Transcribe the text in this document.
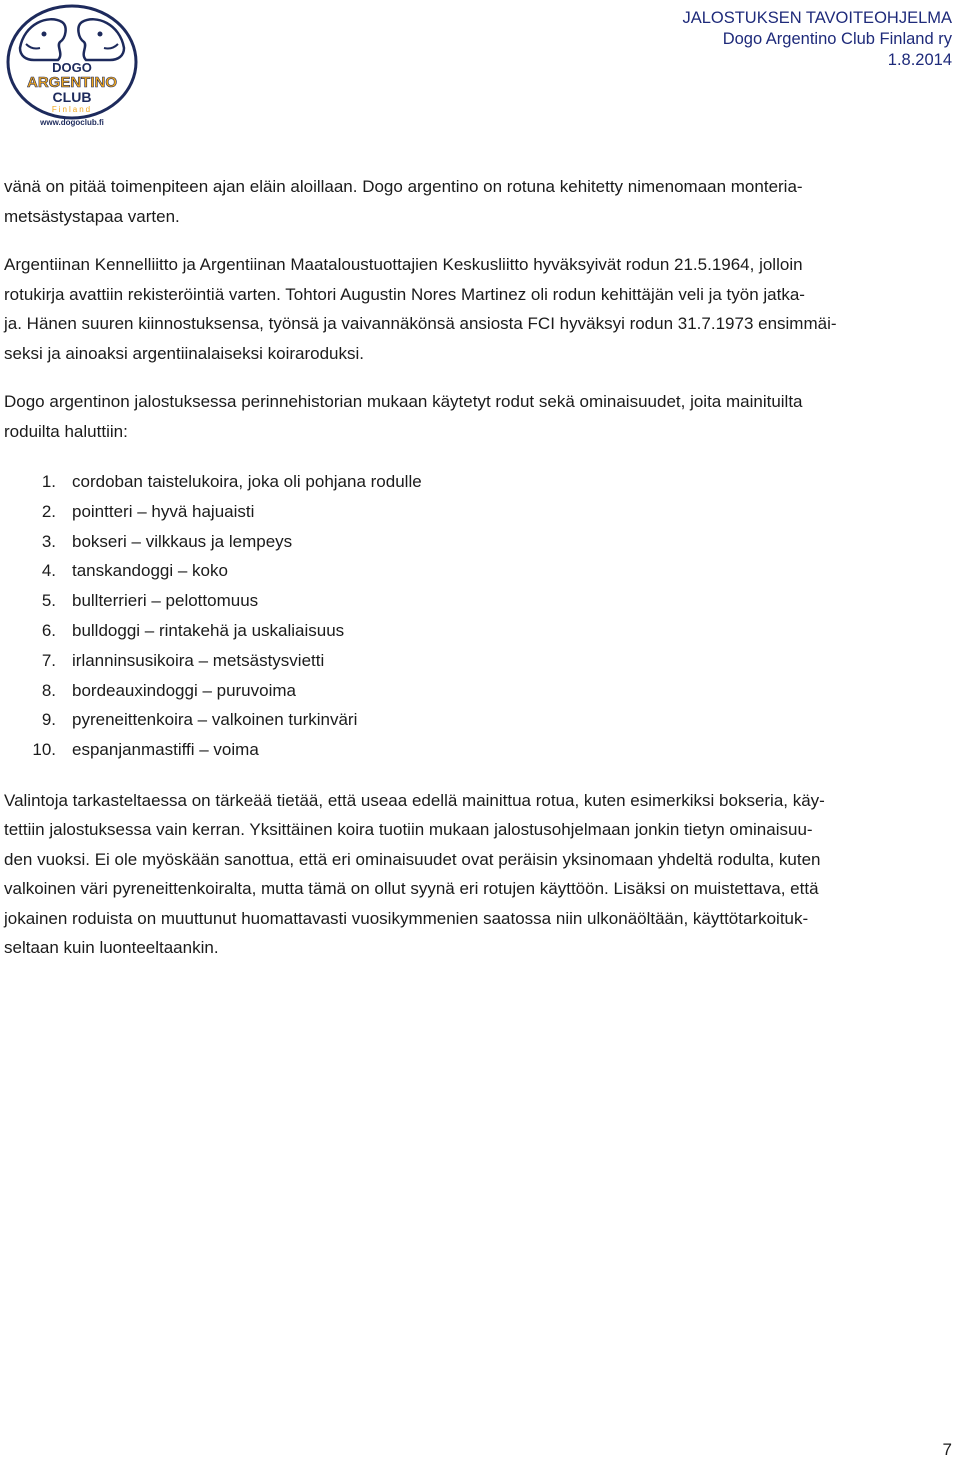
DOGO
ARGENTINO
CLUB
Finland
www.dogoclub.fi
JALOSTUKSEN TAVOITEOHJELMA
Dogo Argentino Club Finland ry
1.8.2014

vänä on pitää toimenpiteen ajan eläin aloillaan. Dogo argentino on rotuna kehitetty nimenomaan monteria-
metsästystapaa varten.

Argentiinan Kennelliitto ja Argentiinan Maataloustuottajien Keskusliitto hyväksyivät rodun 21.5.1964, jolloin
rotukirja avattiin rekisteröintiä varten. Tohtori Augustin Nores Martinez oli rodun kehittäjän veli ja työn jatka-
ja. Hänen suuren kiinnostuksensa, työnsä ja vaivannäkönsä ansiosta FCI hyväksyi rodun 31.7.1973 ensimmäi-
seksi ja ainoaksi argentiinalaiseksi koiraroduksi.

Dogo argentinon jalostuksessa perinnehistorian mukaan käytetyt rodut sekä ominaisuudet, joita mainituilta
roduilta haluttiin:

1. cordoban taistelukoira, joka oli pohjana rodulle
2. pointteri – hyvä hajuaisti
3. bokseri – vilkkaus ja lempeys
4. tanskandoggi – koko
5. bullterrieri – pelottomuus
6. bulldoggi – rintakehä ja uskaliaisuus
7. irlanninsusikoira – metsästysvietti
8. bordeauxindoggi – puruvoima
9. pyreneittenkoira – valkoinen turkinväri
10. espanjanmastiffi – voima

Valintoja tarkasteltaessa on tärkeää tietää, että useaa edellä mainittua rotua, kuten esimerkiksi bokseria, käy-
tettiin jalostuksessa vain kerran. Yksittäinen koira tuotiin mukaan jalostusohjelmaan jonkin tietyn ominaisuu-
den vuoksi. Ei ole myöskään sanottua, että eri ominaisuudet ovat peräisin yksinomaan yhdeltä rodulta, kuten
valkoinen väri pyreneittenkoiralta, mutta tämä on ollut syynä eri rotujen käyttöön. Lisäksi on muistettava, että
jokainen roduista on muuttunut huomattavasti vuosikymmenien saatossa niin ulkonäöltään, käyttötarkoituk-
seltaan kuin luonteeltaankin.

7
